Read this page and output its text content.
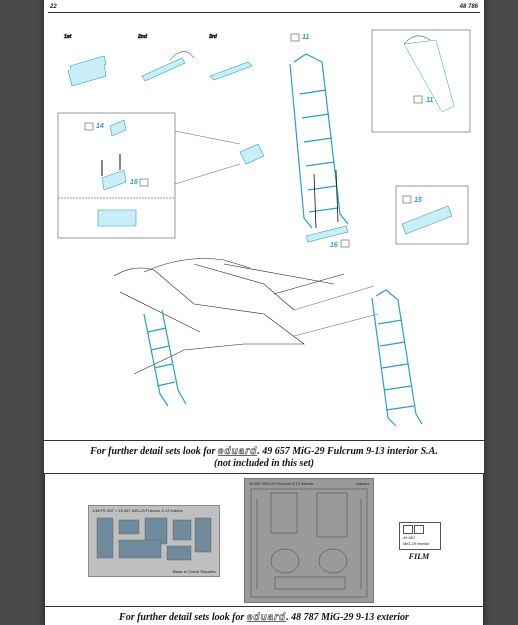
22	48 786
1st	2nd	3rd
14
16
11
11
16
15
For further detail sets look for eduard. 49 657 MiG-29 Fulcrum 9-13 interior S.A.
(not included in this set)
1/48 FE 657 = 49 657 MiG-29 Fulcrum 9-13 interior
Made in Czech Republic
49 657 MiG-29 Fulcrum 9-13 interior	eduard
49 657
MiG-29 interior
FILM
For further detail sets look for eduard. 48 787 MiG-29 9-13 exterior
